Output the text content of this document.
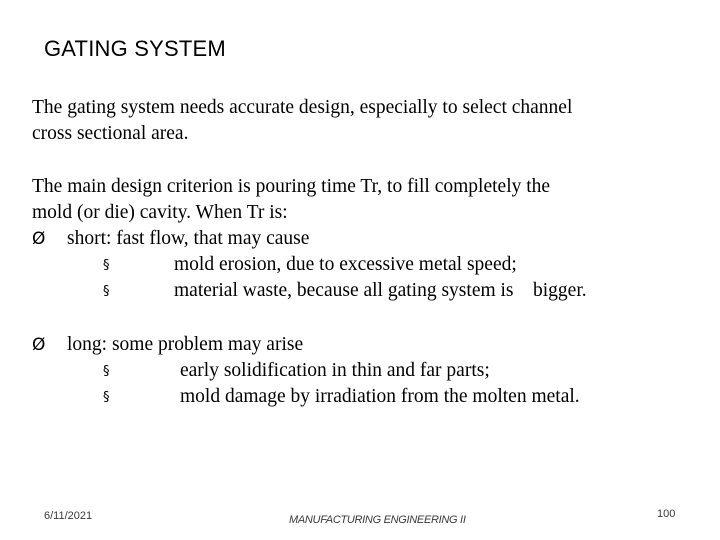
GATING SYSTEM
The gating system needs accurate design, especially to select channel
cross sectional area.
The main design criterion is pouring time Tr, to fill completely the
mold (or die) cavity. When Tr is:
Ø short: fast flow, that may cause
§	mold erosion, due to excessive metal speed;
§	material waste, because all gating system is    bigger.
Ø long: some problem may arise
§	early solidification in thin and far parts;
§	mold damage by irradiation from the molten metal.
6/11/2021	MANUFACTURING ENGINEERING II	100
